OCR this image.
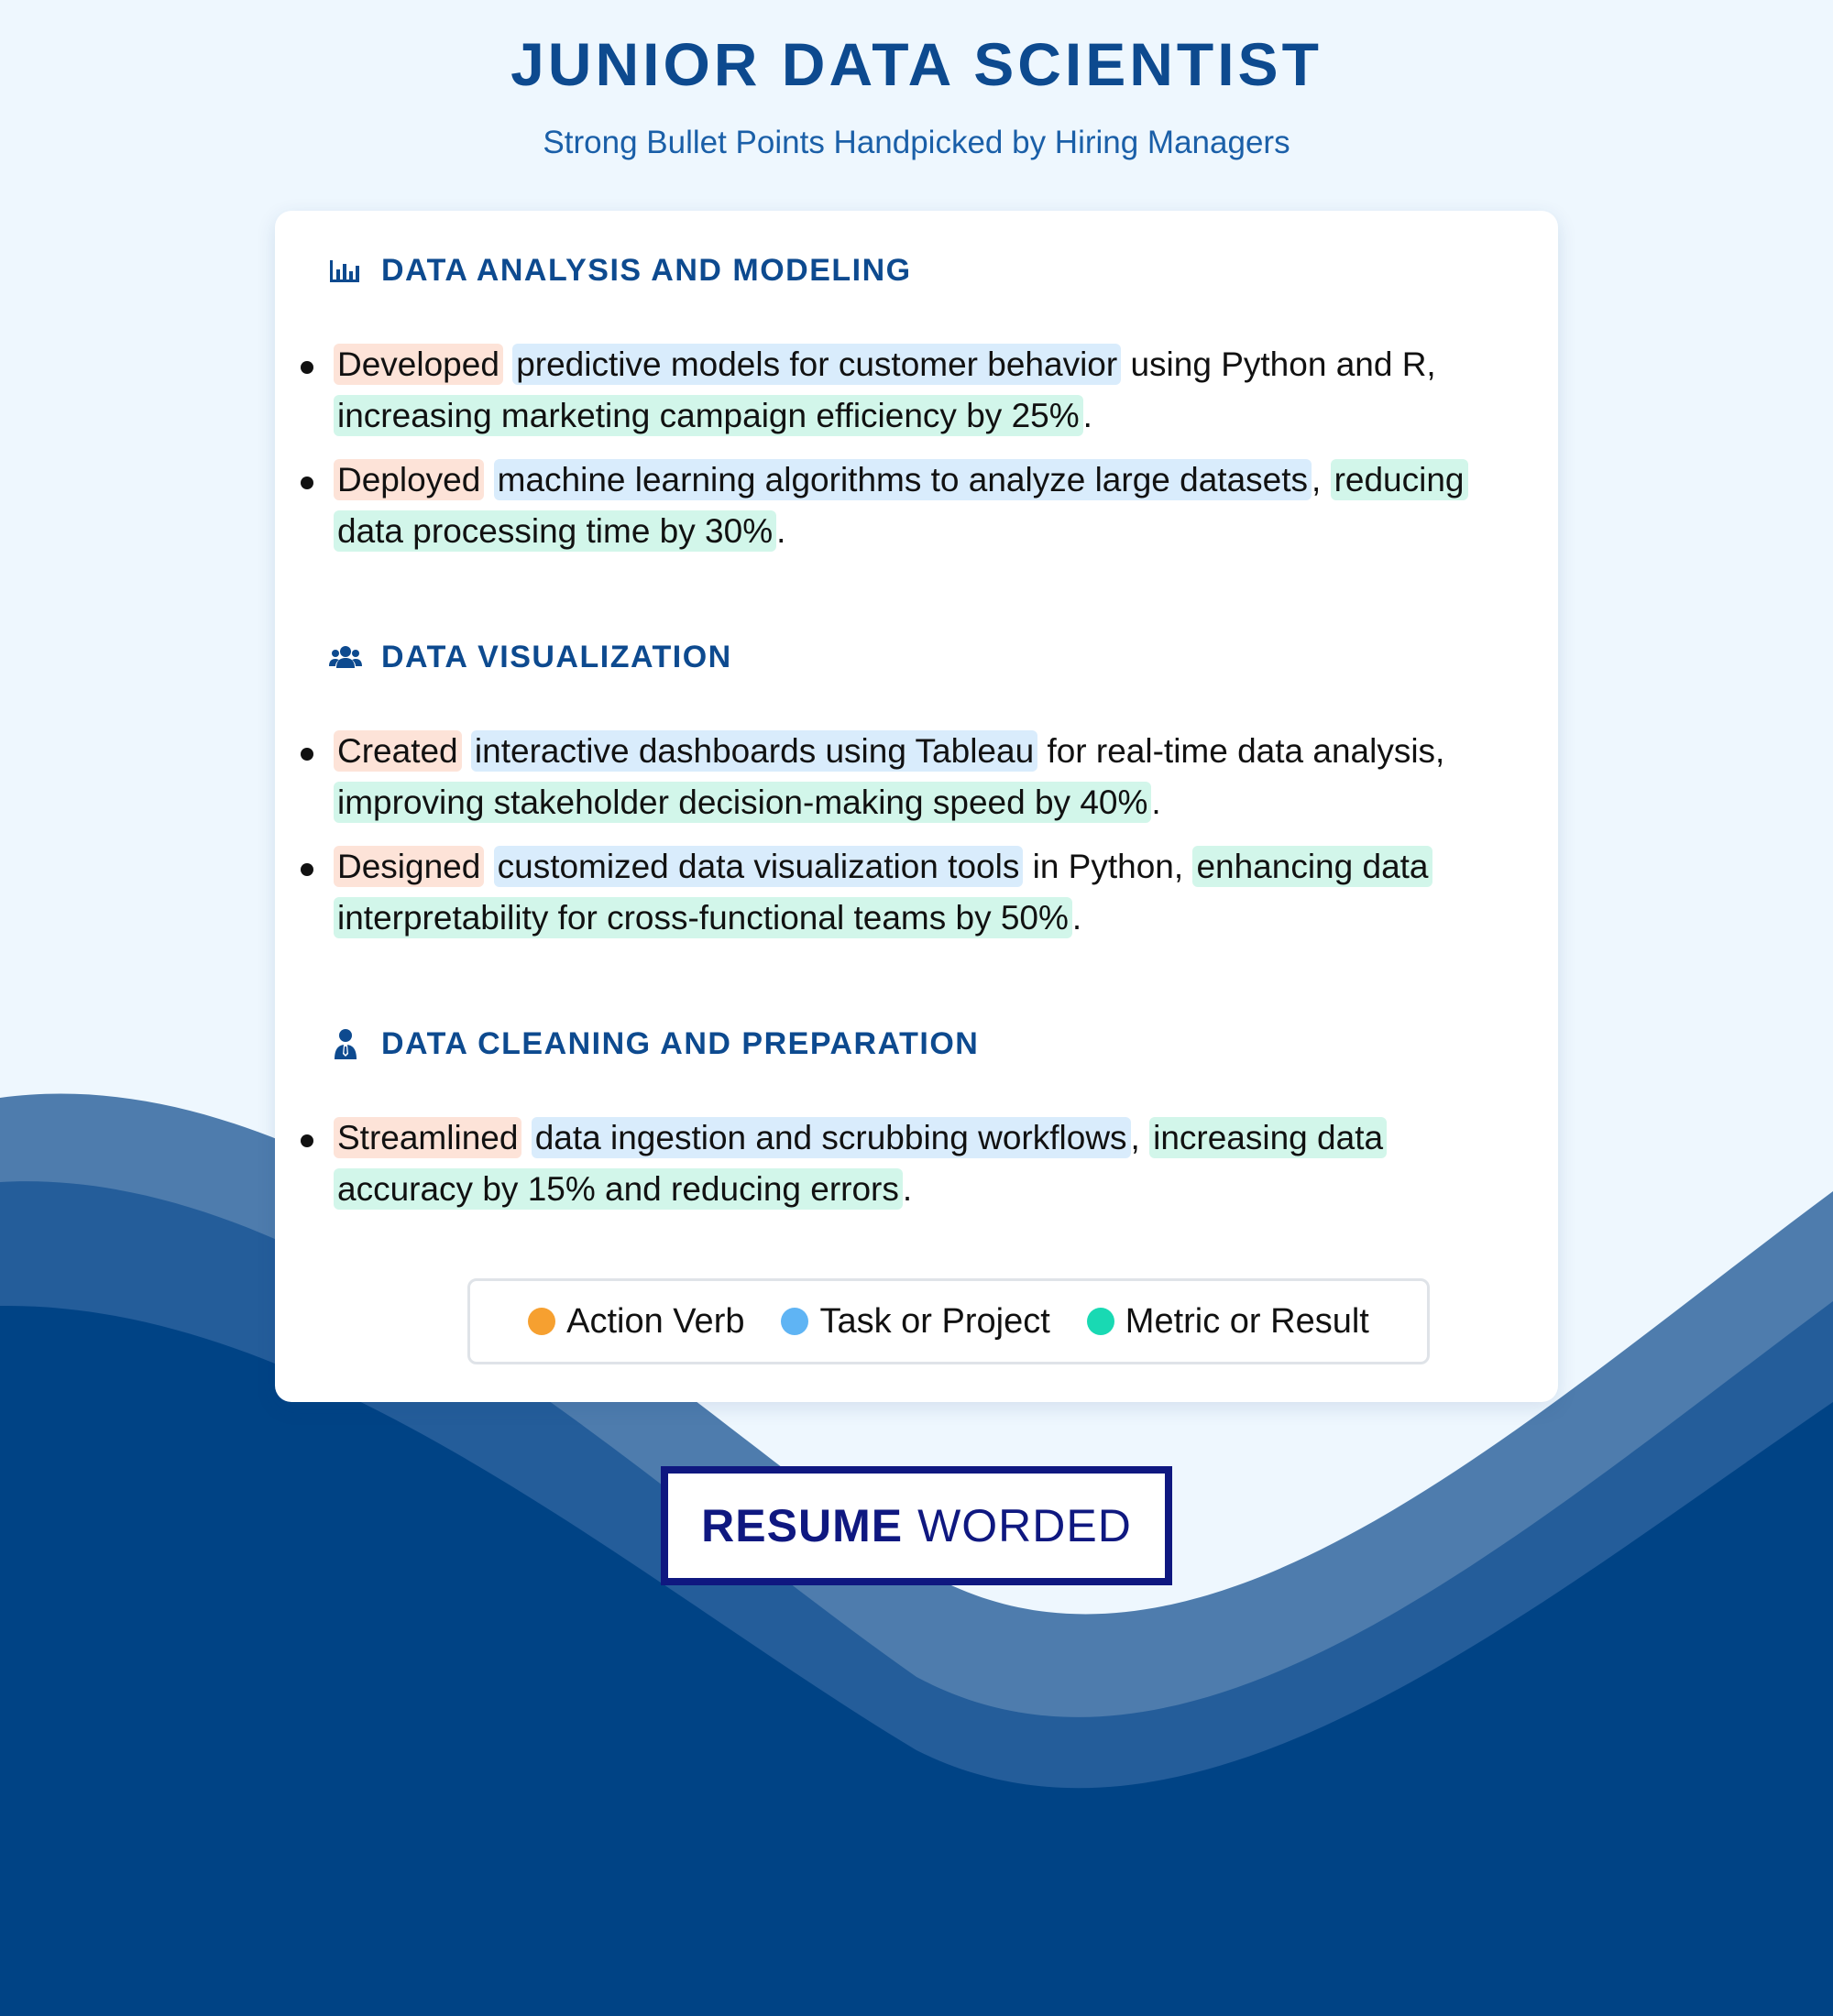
JUNIOR DATA SCIENTIST
Strong Bullet Points Handpicked by Hiring Managers
DATA ANALYSIS AND MODELING
Developed predictive models for customer behavior using Python and R, increasing marketing campaign efficiency by 25% .
Deployed machine learning algorithms to analyze large datasets , reducing data processing time by 30% .
DATA VISUALIZATION
Created interactive dashboards using Tableau for real-time data analysis, improving stakeholder decision-making speed by 40% .
Designed customized data visualization tools in Python, enhancing data interpretability for cross-functional teams by 50% .
DATA CLEANING AND PREPARATION
Streamlined data ingestion and scrubbing workflows , increasing data accuracy by 15% and reducing errors .
Action Verb Task or Project Metric or Result
RESUME WORDED
